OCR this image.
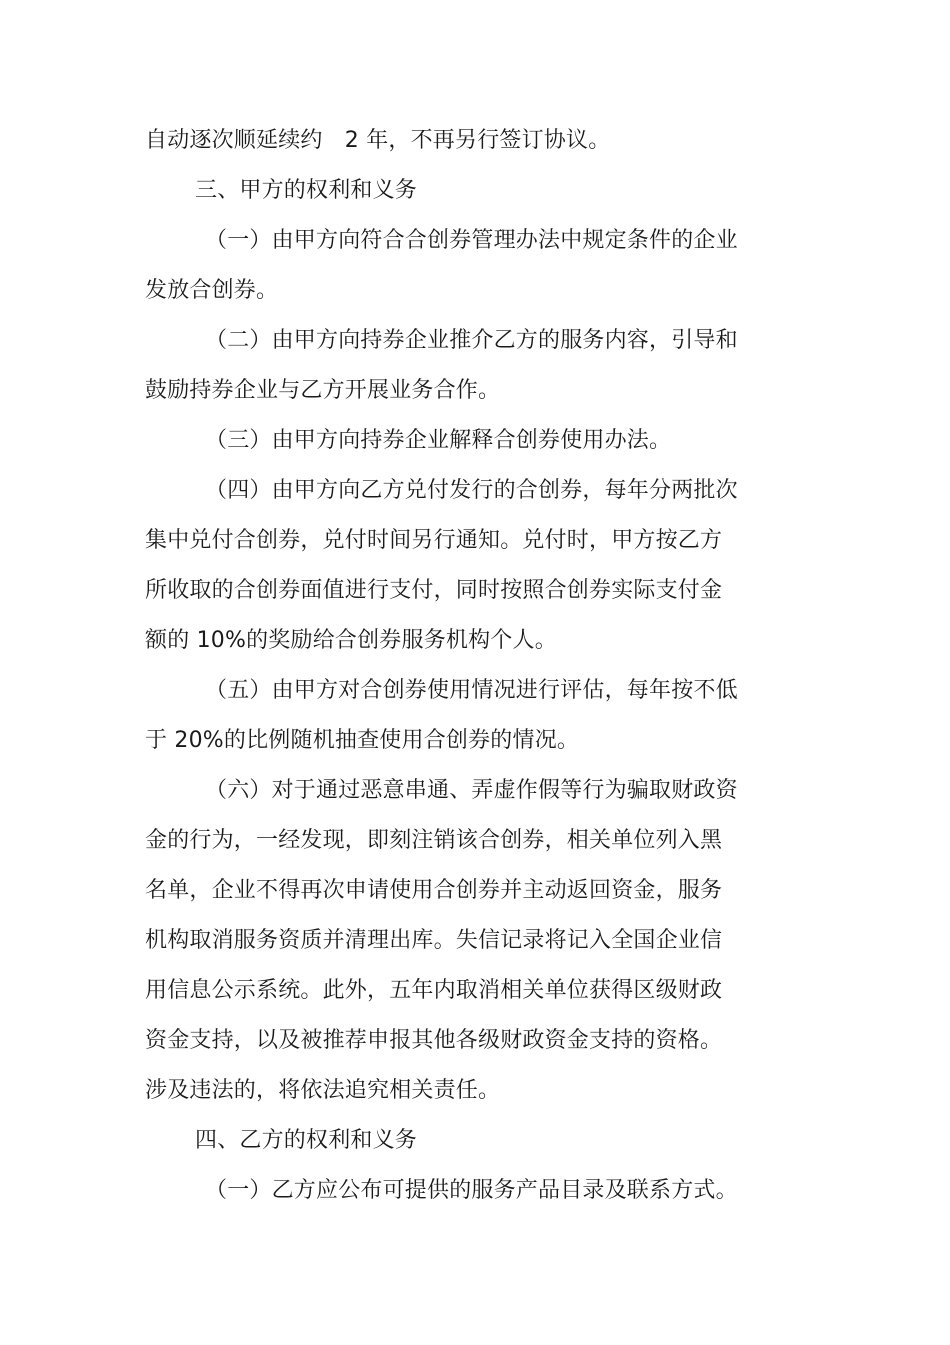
自动逐次顺延续约　2 年，不再另行签订协议。
三、甲方的权利和义务
（一）由甲方向符合合创券管理办法中规定条件的企业
发放合创券。
（二）由甲方向持券企业推介乙方的服务内容，引导和
鼓励持券企业与乙方开展业务合作。
（三）由甲方向持券企业解释合创券使用办法。
（四）由甲方向乙方兑付发行的合创券，每年分两批次
集中兑付合创券，兑付时间另行通知。兑付时，甲方按乙方
所收取的合创券面值进行支付，同时按照合创券实际支付金
额的 10%的奖励给合创券服务机构个人。
（五）由甲方对合创券使用情况进行评估，每年按不低
于 20%的比例随机抽查使用合创券的情况。
（六）对于通过恶意串通、弄虚作假等行为骗取财政资
金的行为，一经发现，即刻注销该合创券，相关单位列入黑
名单，企业不得再次申请使用合创券并主动返回资金，服务
机构取消服务资质并清理出库。失信记录将记入全国企业信
用信息公示系统。此外，五年内取消相关单位获得区级财政
资金支持，以及被推荐申报其他各级财政资金支持的资格。
涉及违法的，将依法追究相关责任。
四、乙方的权利和义务
（一）乙方应公布可提供的服务产品目录及联系方式。
